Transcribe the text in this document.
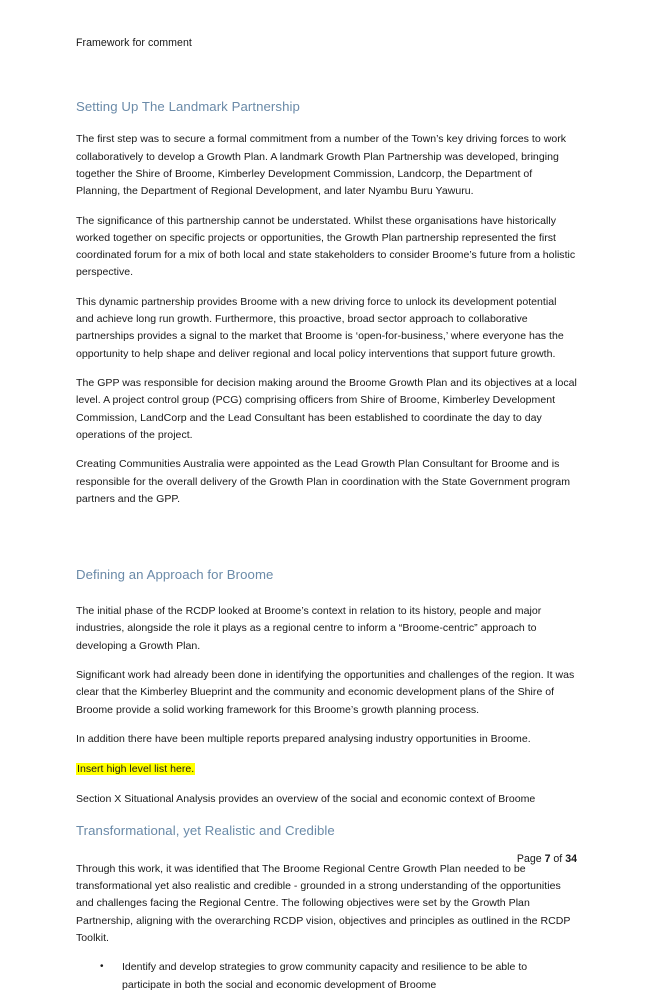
Framework for comment
Setting Up The Landmark Partnership

The first step was to secure a formal commitment from a number of the Town’s key driving forces to work collaboratively to develop a Growth Plan. A landmark Growth Plan Partnership was developed, bringing together the Shire of Broome, Kimberley Development Commission, Landcorp, the Department of Planning, the Department of Regional Development, and later Nyambu Buru Yawuru.

The significance of this partnership cannot be understated. Whilst these organisations have historically worked together on specific projects or opportunities, the Growth Plan partnership represented the first coordinated forum for a mix of both local and state stakeholders to consider Broome’s future from a holistic perspective.

This dynamic partnership provides Broome with a new driving force to unlock its development potential and achieve long run growth. Furthermore, this proactive, broad sector approach to collaborative partnerships provides a signal to the market that Broome is ‘open-for-business,’ where everyone has the opportunity to help shape and deliver regional and local policy interventions that support future growth.

The GPP was responsible for decision making around the Broome Growth Plan and its objectives at a local level. A project control group (PCG) comprising officers from Shire of Broome, Kimberley Development Commission, LandCorp and the Lead Consultant has been established to coordinate the day to day operations of the project.

Creating Communities Australia were appointed as the Lead Growth Plan Consultant for Broome and is responsible for the overall delivery of the Growth Plan in coordination with the State Government program partners and the GPP.

Defining an Approach for Broome

The initial phase of the RCDP looked at Broome’s context in relation to its history, people and major industries, alongside the role it plays as a regional centre to inform a “Broome-centric” approach to developing a Growth Plan.

Significant work had already been done in identifying the opportunities and challenges of the region. It was clear that the Kimberley Blueprint and the community and economic development plans of the Shire of Broome provide a solid working framework for this Broome’s growth planning process.

In addition there have been multiple reports prepared analysing industry opportunities in Broome.

Insert high level list here.

Section X Situational Analysis provides an overview of the social and economic context of Broome

Transformational, yet Realistic and Credible

Through this work, it was identified that The Broome Regional Centre Growth Plan needed to be transformational yet also realistic and credible - grounded in a strong understanding of the opportunities and challenges facing the Regional Centre. The following objectives were set by the Growth Plan Partnership, aligning with the overarching RCDP vision, objectives and principles as outlined in the RCDP Toolkit.

• Identify and develop strategies to grow community capacity and resilience to be able to participate in both the social and economic development of Broome
Page 7 of 34
